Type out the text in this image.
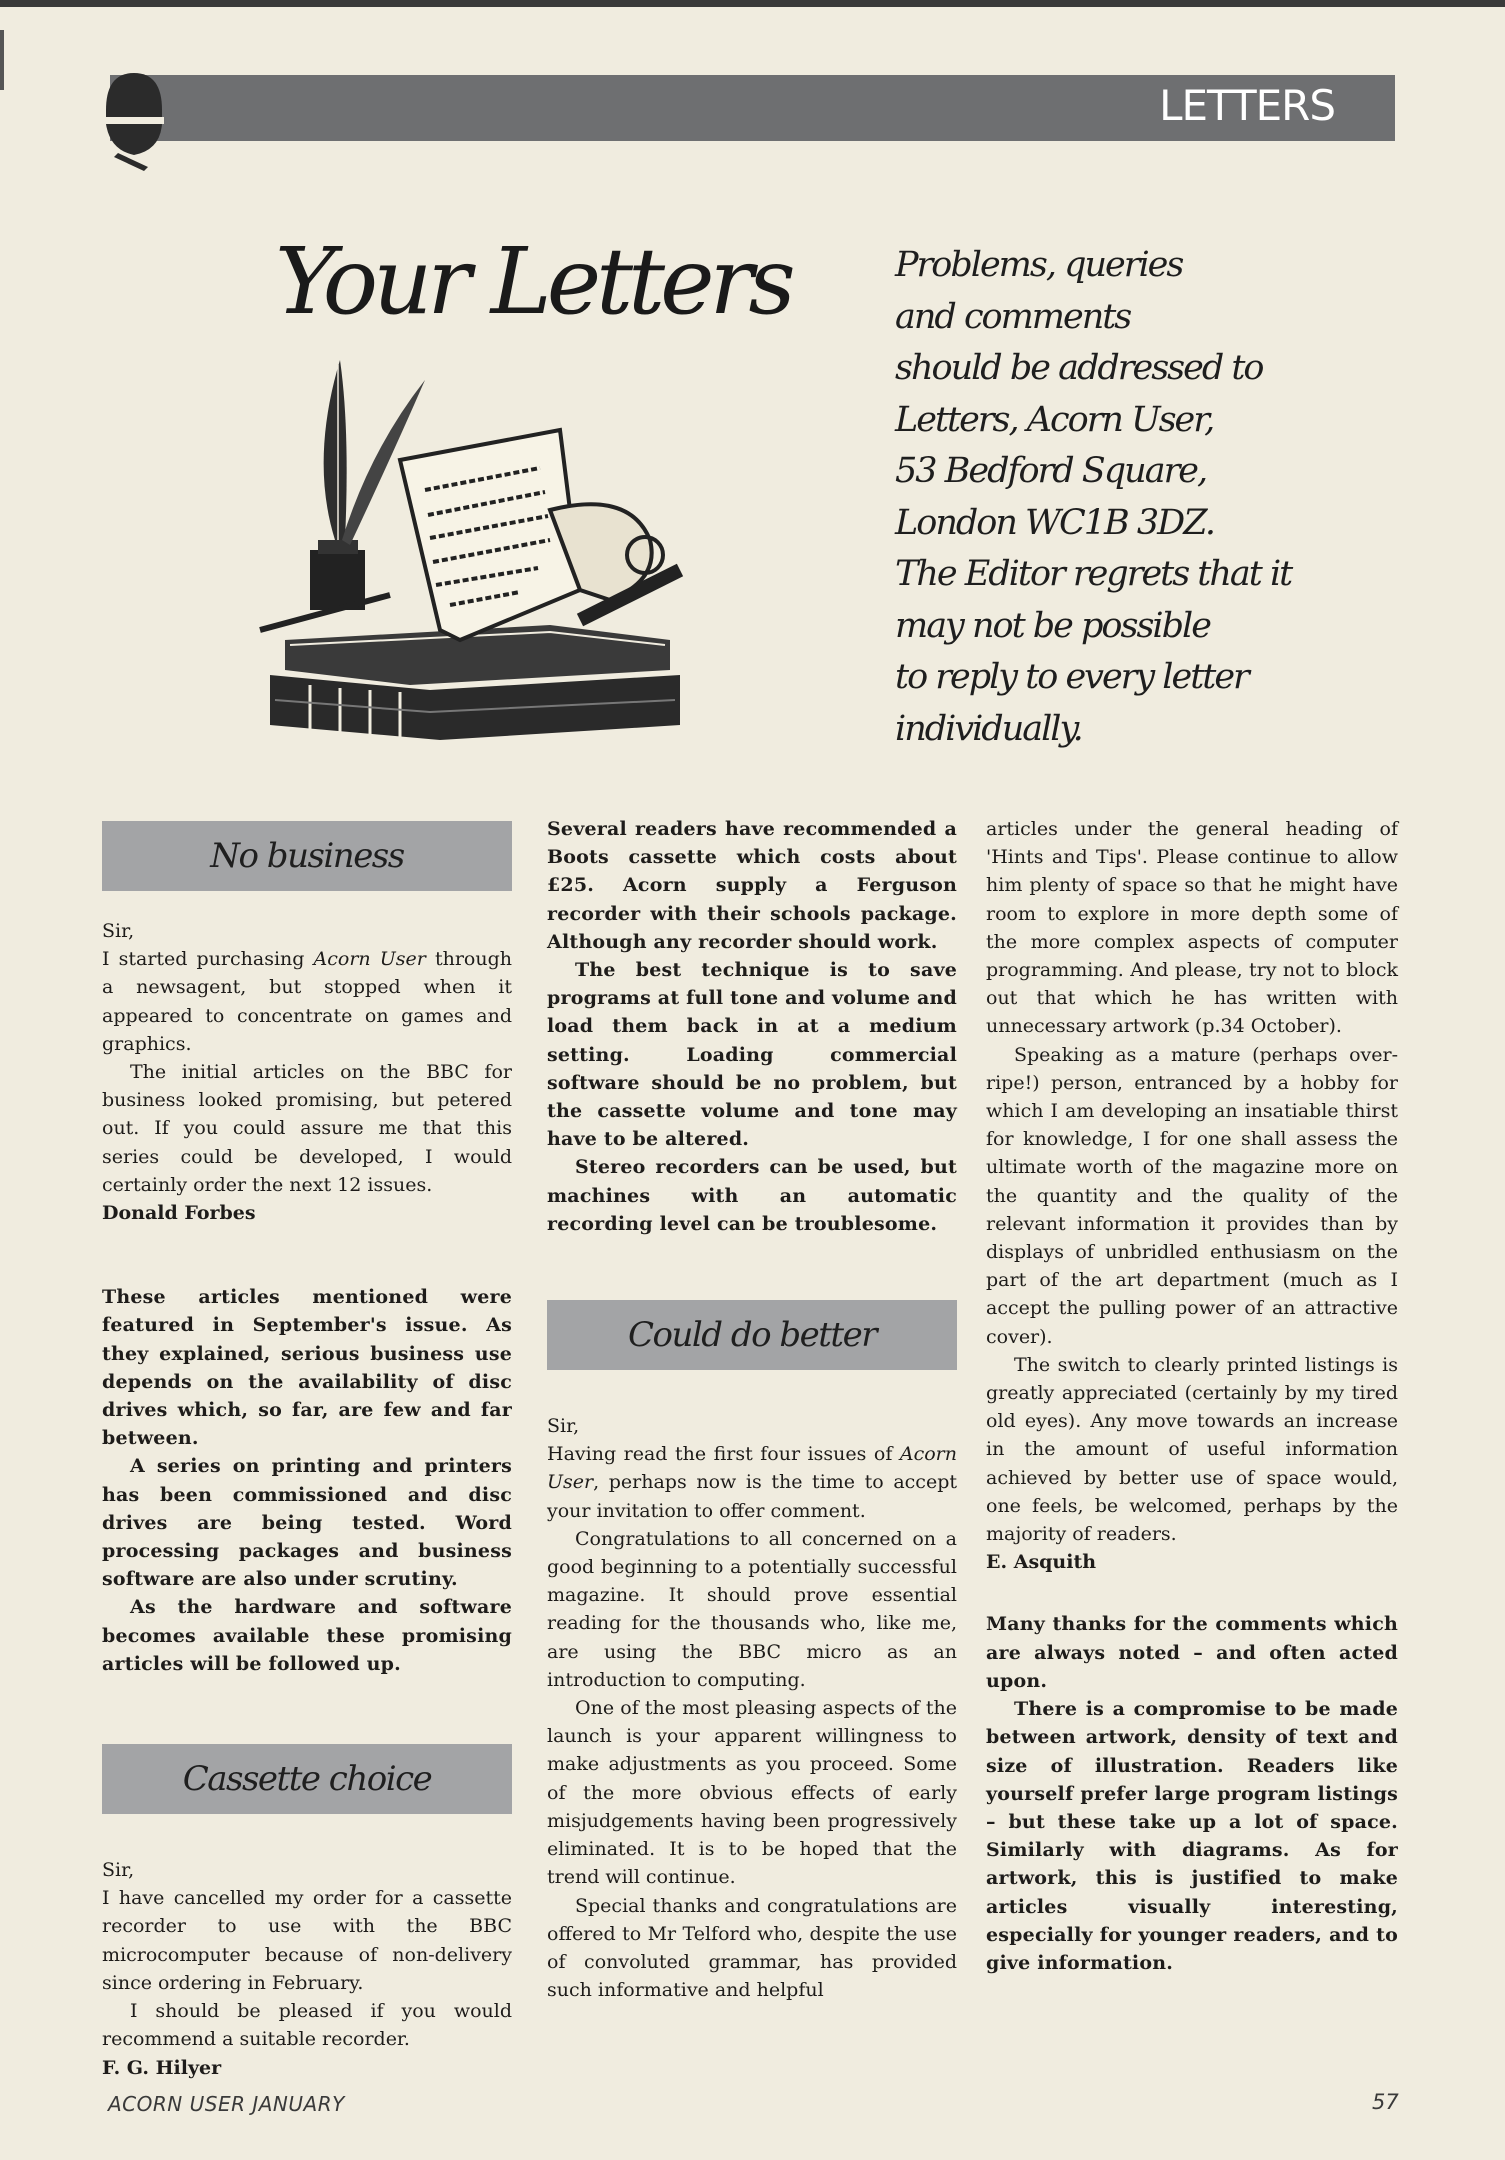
LETTERS
Your Letters	Problems, queries
and comments
should be addressed to
Letters, Acorn User,
53 Bedford Square,
London WC1B 3DZ.
The Editor regrets that it
may not be possible
to reply to every letter
individually.
No business

Sir,

I started purchasing Acorn User through a newsagent, but stopped when it appeared to concentrate on games and graphics.

The initial articles on the BBC for business looked promising, but petered out. If you could assure me that this series could be developed, I would certainly order the next 12 issues.

Donald Forbes

These articles mentioned were featured in September's issue. As they explained, serious business use depends on the availability of disc drives which, so far, are few and far between.

A series on printing and printers has been commissioned and disc drives are being tested. Word processing packages and business software are also under scrutiny.

As the hardware and software becomes available these promising articles will be followed up.

Cassette choice

Sir,

I have cancelled my order for a cassette recorder to use with the BBC microcomputer because of non-delivery since ordering in February.

I should be pleased if you would recommend a suitable recorder.

F. G. Hilyer

Several readers have recommended a Boots cassette which costs about £25. Acorn supply a Ferguson recorder with their schools package. Although any recorder should work.

The best technique is to save programs at full tone and volume and load them back in at a medium setting. Loading commercial software should be no problem, but the cassette volume and tone may have to be altered.

Stereo recorders can be used, but machines with an automatic recording level can be troublesome.

Could do better

Sir,

Having read the first four issues of Acorn User, perhaps now is the time to accept your invitation to offer comment.

Congratulations to all concerned on a good beginning to a potentially successful magazine. It should prove essential reading for the thousands who, like me, are using the BBC micro as an introduction to computing.

One of the most pleasing aspects of the launch is your apparent willingness to make adjustments as you proceed. Some of the more obvious effects of early misjudgements having been progressively eliminated. It is to be hoped that the trend will continue.

Special thanks and congratulations are offered to Mr Telford who, despite the use of convoluted grammar, has provided such informative and helpful

articles under the general heading of 'Hints and Tips'. Please continue to allow him plenty of space so that he might have room to explore in more depth some of the more complex aspects of computer programming. And please, try not to block out that which he has written with unnecessary artwork (p.34 October).

Speaking as a mature (perhaps over-ripe!) person, entranced by a hobby for which I am developing an insatiable thirst for knowledge, I for one shall assess the ultimate worth of the magazine more on the quantity and the quality of the relevant information it provides than by displays of unbridled enthusiasm on the part of the art department (much as I accept the pulling power of an attractive cover).

The switch to clearly printed listings is greatly appreciated (certainly by my tired old eyes). Any move towards an increase in the amount of useful information achieved by better use of space would, one feels, be welcomed, perhaps by the majority of readers.

E. Asquith

Many thanks for the comments which are always noted – and often acted upon.

There is a compromise to be made between artwork, density of text and size of illustration. Readers like yourself prefer large program listings – but these take up a lot of space. Similarly with diagrams. As for artwork, this is justified to make articles visually interesting, especially for younger readers, and to give information.

ACORN USER JANUARY	57
